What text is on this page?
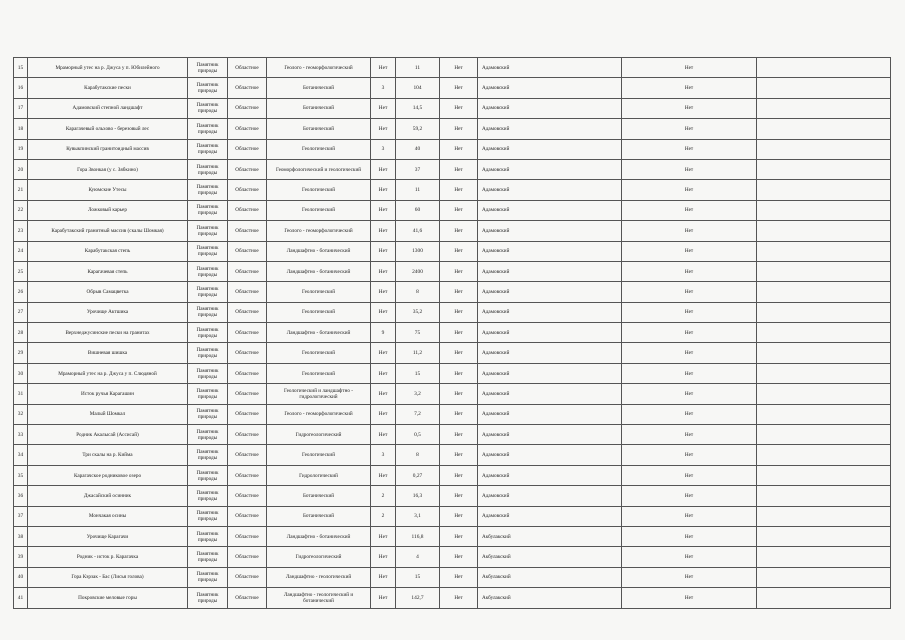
15	Мраморный утес на р. Джуса у п. Юбилейного	Памятник природы	Областное	Геолого - геоморфологический	Нет	11	Нет	Адамовский	Нет	
16	Карабутакские пески	Памятник природы	Областное	Ботанический	3	104	Нет	Адамовский	Нет	
17	Адамовский степной ландшафт	Памятник природы	Областное	Ботанический	Нет	14,5	Нет	Адамовский	Нет	
18	Карагачевый ольхово - березовый лес	Памятник природы	Областное	Ботанический	Нет	59,2	Нет	Адамовский	Нет	
19	Кувыкпинский гранитоидный массив	Памятник природы	Областное	Геологический	3	40	Нет	Адамовский	Нет	
20	Гора Звонкая (у с. Зябкино)	Памятник природы	Областное	Геоморфологический и геологический	Нет	37	Нет	Адамовский	Нет	
21	Куюмские Утесы	Памятник природы	Областное	Геологический	Нет	11	Нет	Адамовский	Нет	
22	Ложковый карьер	Памятник природы	Областное	Геологический	Нет	60	Нет	Адамовский	Нет	
23	Карабутакский гранитный массив (скалы Шомкая)	Памятник природы	Областное	Геолого - геоморфологический	Нет	41,6	Нет	Адамовский	Нет	
24	Карабутакская степь	Памятник природы	Областное	Ландшафтно - ботанический	Нет	1300	Нет	Адамовский	Нет	
25	Карагачевая степь	Памятник природы	Областное	Ландшафтно - ботанический	Нет	2400	Нет	Адамовский	Нет	
26	Обрыв Самацветка	Памятник природы	Областное	Геологический	Нет	8	Нет	Адамовский	Нет	
27	Урочище Актшика	Памятник природы	Областное	Геологический	Нет	35,2	Нет	Адамовский	Нет	
28	Верхнеджусинские пески на гранитах	Памятник природы	Областное	Ландшафтно - ботанический	9	75	Нет	Адамовский	Нет	
29	Вишневая шишка	Памятник природы	Областное	Геологический	Нет	11,2	Нет	Адамовский	Нет	
30	Мраморный утес на р. Джуса у п. Слюдяной	Памятник природы	Областное	Геологический	Нет	15	Нет	Адамовский	Нет	
31	Исток ручья Карагашин	Памятник природы	Областное	Геологический и ландшафтно - гидрологический	Нет	3,2	Нет	Адамовский	Нет	
32	Малый Шомкал	Памятник природы	Областное	Геолого - геоморфологический	Нет	7,2	Нет	Адамовский	Нет	
33	Родник Акалысай (Ассисай)	Памятник природы	Областное	Гидрогеологический	Нет	0,5	Нет	Адамовский	Нет	
34	Три скалы на р. Кийма	Памятник природы	Областное	Геологический	3	8	Нет	Адамовский	Нет	
35	Карагачское родниковое озеро	Памятник природы	Областное	Гидрологический	Нет	0,27	Нет	Адамовский	Нет	
36	Джасайский осинник	Памятник природы	Областное	Ботанический	2	16,3	Нет	Адамовский	Нет	
37	Мончакая осины	Памятник природы	Областное	Ботанический	2	3,1	Нет	Адамовский	Нет	
38	Урочище Карагачи	Памятник природы	Областное	Ландшафтно - ботанический	Нет	116,8	Нет	Акбулакский	Нет	
39	Родник - исток р. Карагачка	Памятник природы	Областное	Гидрогеологический	Нет	4	Нет	Акбулакский	Нет	
40	Гора Кэрзак - Бас (Лисья голова)	Памятник природы	Областное	Ландшафтно - геологический	Нет	15	Нет	Акбулакский	Нет	
41	Покровские меловые горы	Памятник природы	Областное	Ландшафтно - геологический и ботанический	Нет	142,7	Нет	Акбулакский	Нет	
